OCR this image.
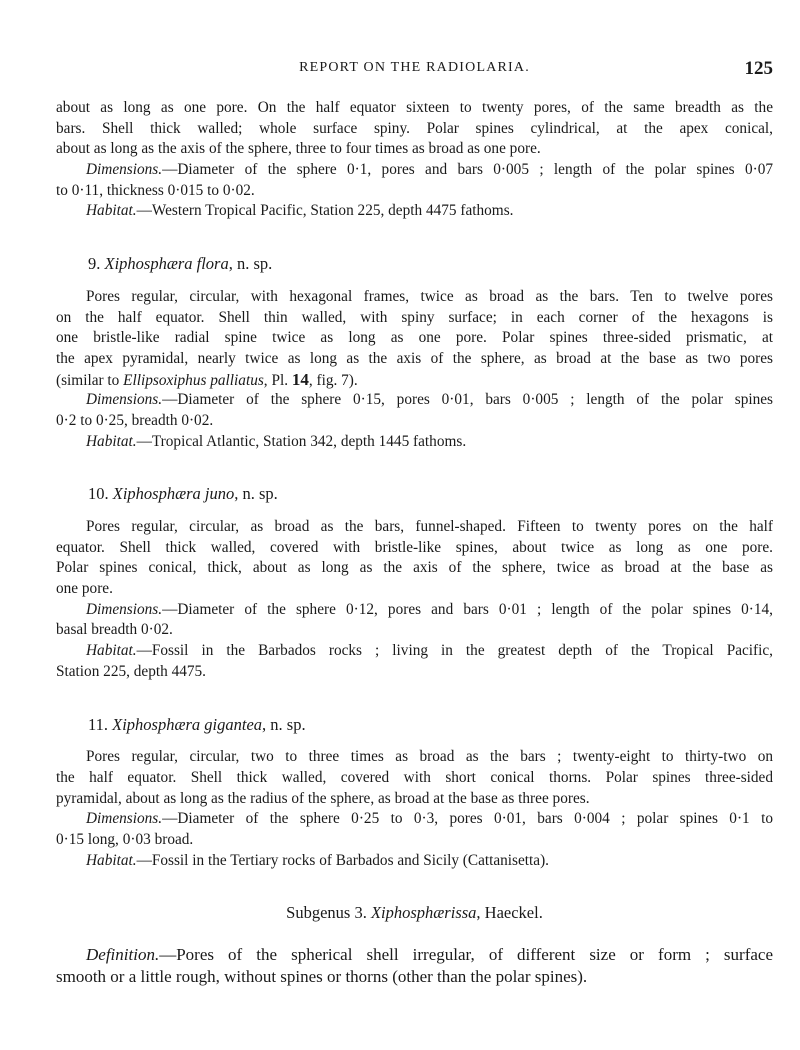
REPORT ON THE RADIOLARIA.	125
about as long as one pore. On the half equator sixteen to twenty pores, of the same breadth as the
bars. Shell thick walled; whole surface spiny. Polar spines cylindrical, at the apex conical,
about as long as the axis of the sphere, three to four times as broad as one pore.
Dimensions.—Diameter of the sphere 0·1, pores and bars 0·005 ; length of the polar spines 0·07
to 0·11, thickness 0·015 to 0·02.
Habitat.—Western Tropical Pacific, Station 225, depth 4475 fathoms.
9. Xiphosphæra flora, n. sp.
Pores regular, circular, with hexagonal frames, twice as broad as the bars. Ten to twelve pores
on the half equator. Shell thin walled, with spiny surface; in each corner of the hexagons is
one bristle-like radial spine twice as long as one pore. Polar spines three-sided prismatic, at
the apex pyramidal, nearly twice as long as the axis of the sphere, as broad at the base as two pores
(similar to Ellipsoxiphus palliatus, Pl. 14, fig. 7).
Dimensions.—Diameter of the sphere 0·15, pores 0·01, bars 0·005 ; length of the polar spines
0·2 to 0·25, breadth 0·02.
Habitat.—Tropical Atlantic, Station 342, depth 1445 fathoms.
10. Xiphosphæra juno, n. sp.
Pores regular, circular, as broad as the bars, funnel-shaped. Fifteen to twenty pores on the half
equator. Shell thick walled, covered with bristle-like spines, about twice as long as one pore.
Polar spines conical, thick, about as long as the axis of the sphere, twice as broad at the base as
one pore.
Dimensions.—Diameter of the sphere 0·12, pores and bars 0·01 ; length of the polar spines 0·14,
basal breadth 0·02.
Habitat.—Fossil in the Barbados rocks ; living in the greatest depth of the Tropical Pacific,
Station 225, depth 4475.
11. Xiphosphæra gigantea, n. sp.
Pores regular, circular, two to three times as broad as the bars ; twenty-eight to thirty-two on
the half equator. Shell thick walled, covered with short conical thorns. Polar spines three-sided
pyramidal, about as long as the radius of the sphere, as broad at the base as three pores.
Dimensions.—Diameter of the sphere 0·25 to 0·3, pores 0·01, bars 0·004 ; polar spines 0·1 to
0·15 long, 0·03 broad.
Habitat.—Fossil in the Tertiary rocks of Barbados and Sicily (Cattanisetta).
Subgenus 3. Xiphosphærissa, Haeckel.
Definition.—Pores of the spherical shell irregular, of different size or form ; surface
smooth or a little rough, without spines or thorns (other than the polar spines).
